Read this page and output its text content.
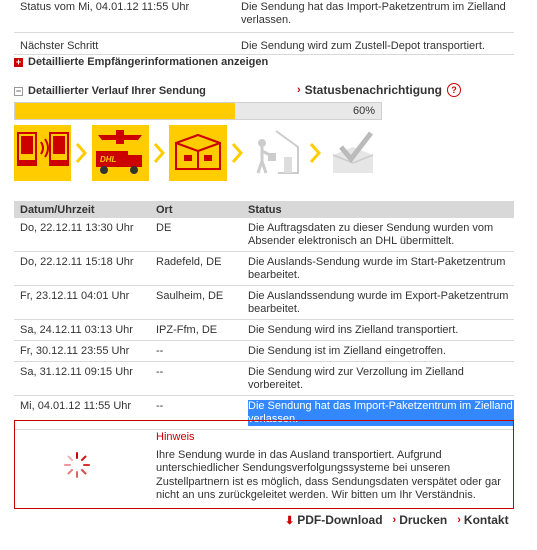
Status vom Mi, 04.01.12 11:55 Uhr	Die Sendung hat das Import-Paketzentrum im Zielland verlassen.
Nächster Schritt	Die Sendung wird zum Zustell-Depot transportiert.
+ Detaillierte Empfängerinformationen anzeigen
− Detaillierter Verlauf Ihrer Sendung	› Statusbenachrichtigung	?
60%
DHL
Datum/Uhrzeit	Ort	Status
Do, 22.12.11 13:30 Uhr	DE	Die Auftragsdaten zu dieser Sendung wurden vom Absender elektronisch an DHL übermittelt.
Do, 22.12.11 15:18 Uhr	Radefeld, DE	Die Auslands-Sendung wurde im Start-Paketzentrum bearbeitet.
Fr, 23.12.11 04:01 Uhr	Saulheim, DE	Die Auslandssendung wurde im Export-Paketzentrum bearbeitet.
Sa, 24.12.11 03:13 Uhr	IPZ-Ffm, DE	Die Sendung wird ins Zielland transportiert.
Fr, 30.12.11 23:55 Uhr	--	Die Sendung ist im Zielland eingetroffen.
Sa, 31.12.11 09:15 Uhr	--	Die Sendung wird zur Verzollung im Zielland vorbereitet.
Mi, 04.01.12 11:55 Uhr	--	Die Sendung hat das Import-Paketzentrum im Zielland verlassen.
Hinweis
Ihre Sendung wurde in das Ausland transportiert. Aufgrund unterschiedlicher Sendungsverfolgungssysteme bei unseren Zustellpartnern ist es möglich, dass Sendungsdaten verspätet oder gar nicht an uns zurückgeleitet werden. Wir bitten um Ihr Verständnis.
⬇ PDF-Download › Drucken › Kontakt
